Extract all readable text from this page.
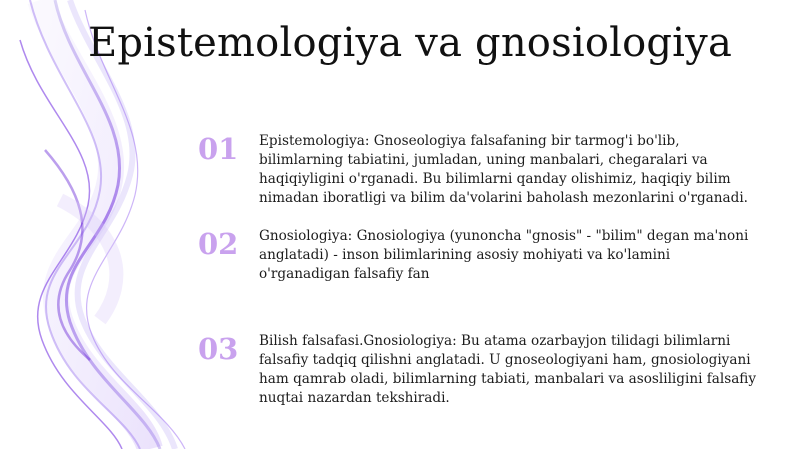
Epistemologiya va gnosiologiya
01	Epistemologiya: Gnoseologiya falsafaning bir tarmog'i bo'lib, bilimlarning tabiatini, jumladan, uning manbalari, chegaralari va haqiqiyligini o'rganadi. Bu bilimlarni qanday olishimiz, haqiqiy bilim nimadan iboratligi va bilim da'volarini baholash mezonlarini o'rganadi.
02	Gnosiologiya: Gnosiologiya (yunoncha "gnosis" - "bilim" degan ma'noni anglatadi) - inson bilimlarining asosiy mohiyati va ko'lamini o'rganadigan falsafiy fan
03	Bilish falsafasi.Gnosiologiya: Bu atama ozarbayjon tilidagi bilimlarni falsafiy tadqiq qilishni anglatadi. U gnoseologiyani ham, gnosiologiyani ham qamrab oladi, bilimlarning tabiati, manbalari va asosliligini falsafiy nuqtai nazardan tekshiradi.
